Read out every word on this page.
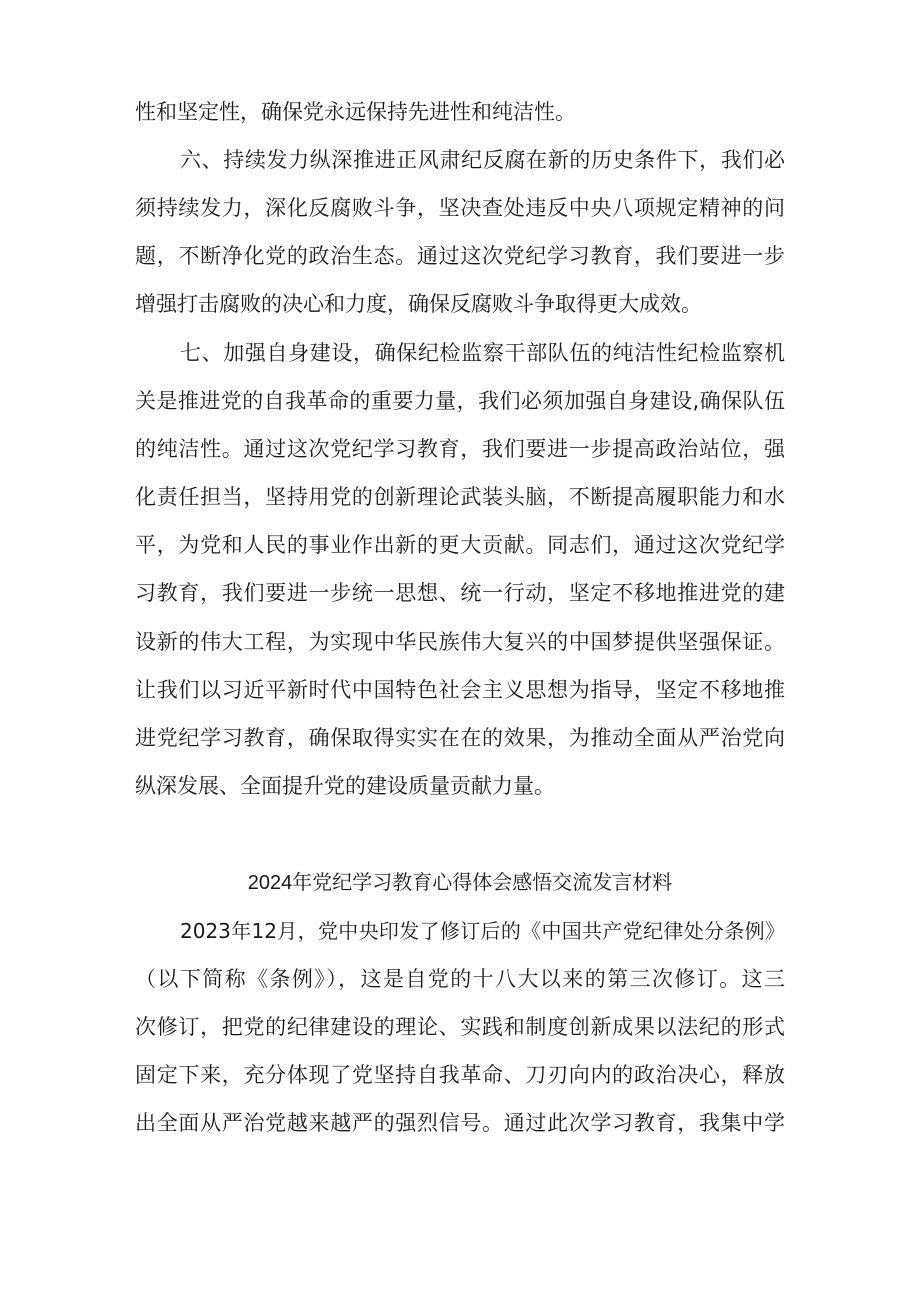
性和坚定性，确保党永远保持先进性和纯洁性。
六、持续发力纵深推进正风肃纪反腐在新的历史条件下，我们必
须持续发力，深化反腐败斗争，坚决查处违反中央八项规定精神的问
题，不断净化党的政治生态。通过这次党纪学习教育，我们要进一步
增强打击腐败的决心和力度，确保反腐败斗争取得更大成效。
七、加强自身建设，确保纪检监察干部队伍的纯洁性纪检监察机
关是推进党的自我革命的重要力量，我们必须加强自身建设,确保队伍
的纯洁性。通过这次党纪学习教育，我们要进一步提高政治站位，强
化责任担当，坚持用党的创新理论武装头脑，不断提高履职能力和水
平，为党和人民的事业作出新的更大贡献。同志们，通过这次党纪学
习教育，我们要进一步统一思想、统一行动，坚定不移地推进党的建
设新的伟大工程，为实现中华民族伟大复兴的中国梦提供坚强保证。
让我们以习近平新时代中国特色社会主义思想为指导，坚定不移地推
进党纪学习教育，确保取得实实在在的效果，为推动全面从严治党向
纵深发展、全面提升党的建设质量贡献力量。
2024年党纪学习教育心得体会感悟交流发言材料
2023年12月，党中央印发了修订后的《中国共产党纪律处分条例》
（以下简称《条例》），这是自党的十八大以来的第三次修订。这三
次修订，把党的纪律建设的理论、实践和制度创新成果以法纪的形式
固定下来，充分体现了党坚持自我革命、刀刃向内的政治决心，释放
出全面从严治党越来越严的强烈信号。通过此次学习教育，我集中学
